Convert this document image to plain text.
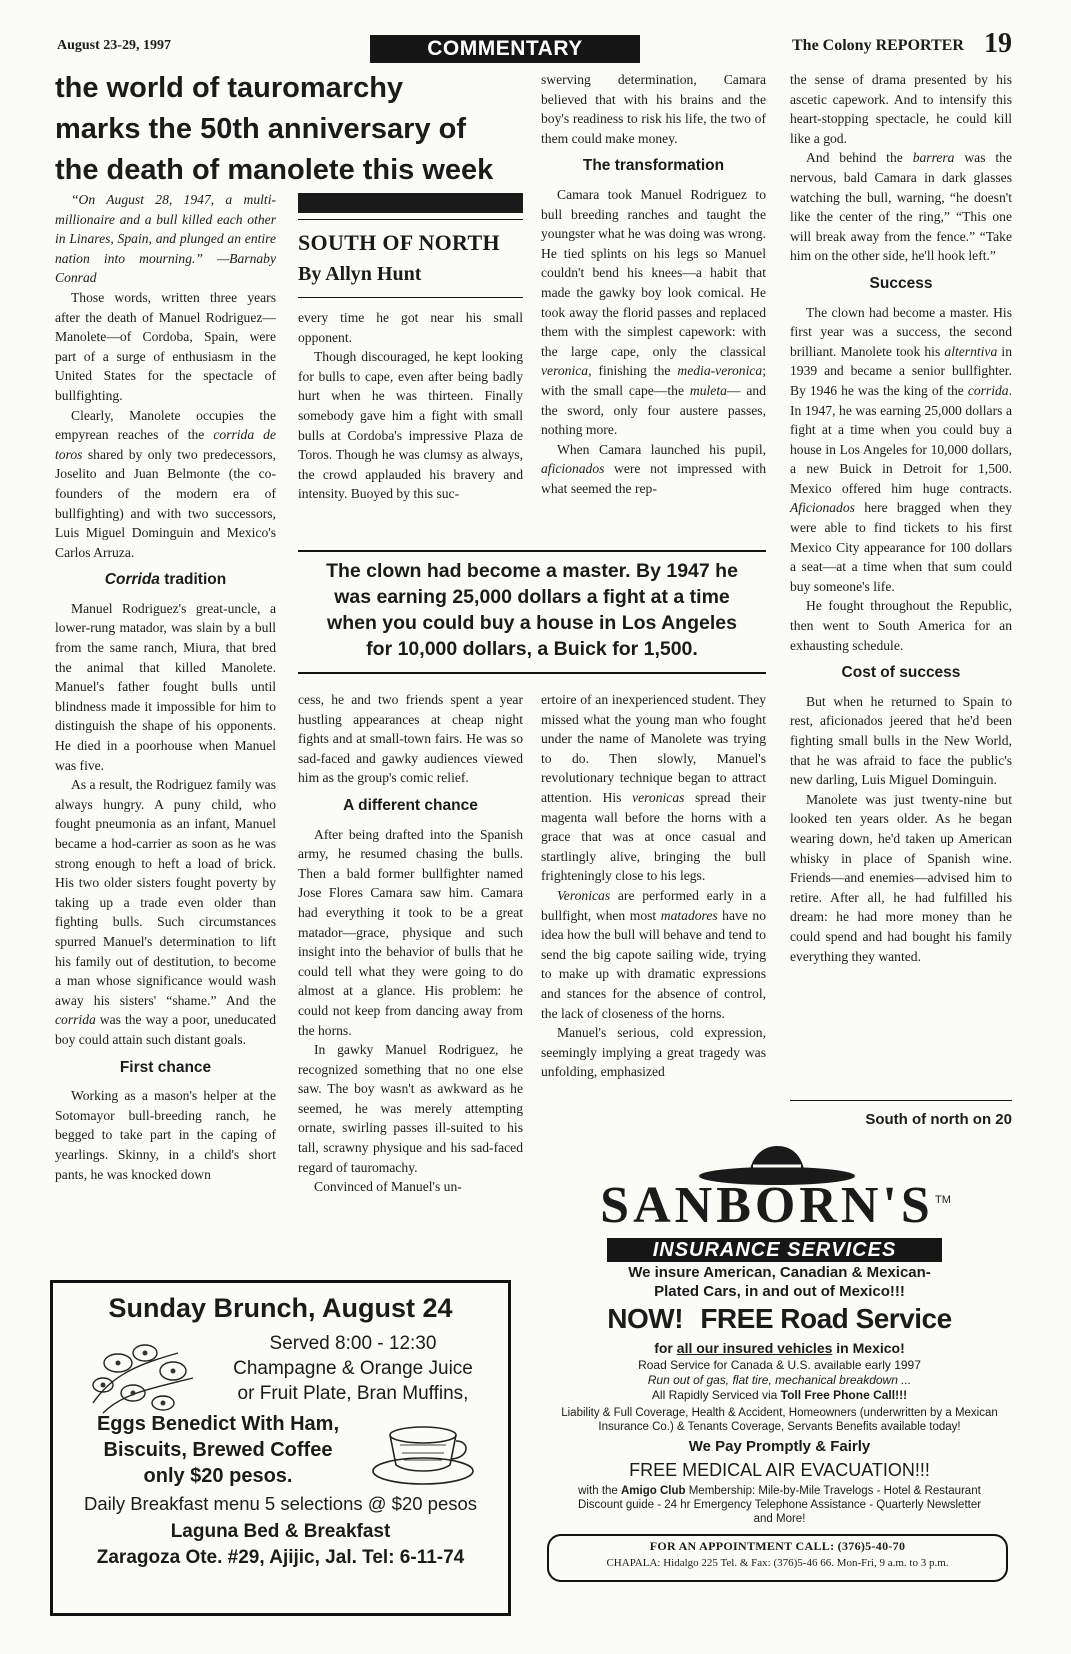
August 23-29, 1997	COMMENTARY	The Colony REPORTER 19
the world of tauromarchy
marks the 50th anniversary of
the death of manolete this week

“On August 28, 1947, a multi-millionaire and a bull killed each other in Linares, Spain, and plunged an entire nation into mourning.” —Barnaby Conrad

Those words, written three years after the death of Manuel Rodriguez—Manolete—of Cordoba, Spain, were part of a surge of enthusiasm in the United States for the spectacle of bullfighting.

Clearly, Manolete occupies the empyrean reaches of the corrida de toros shared by only two predecessors, Joselito and Juan Belmonte (the co-founders of the modern era of bullfighting) and with two successors, Luis Miguel Dominguin and Mexico's Carlos Arruza.

Corrida tradition

Manuel Rodriguez's great-uncle, a lower-rung matador, was slain by a bull from the same ranch, Miura, that bred the animal that killed Manolete. Manuel's father fought bulls until blindness made it impossible for him to distinguish the shape of his opponents. He died in a poorhouse when Manuel was five.

As a result, the Rodriguez family was always hungry. A puny child, who fought pneumonia as an infant, Manuel became a hod-carrier as soon as he was strong enough to heft a load of brick. His two older sisters fought poverty by taking up a trade even older than fighting bulls. Such circumstances spurred Manuel's determination to lift his family out of destitution, to become a man whose significance would wash away his sisters' “shame.” And the corrida was the way a poor, uneducated boy could attain such distant goals.

First chance

Working as a mason's helper at the Sotomayor bull-breeding ranch, he begged to take part in the caping of yearlings. Skinny, in a child's short pants, he was knocked down

SOUTH OF NORTH
By Allyn Hunt

every time he got near his small opponent.

Though discouraged, he kept looking for bulls to cape, even after being badly hurt when he was thirteen. Finally somebody gave him a fight with small bulls at Cordoba's impressive Plaza de Toros. Though he was clumsy as always, the crowd applauded his bravery and intensity. Buoyed by this suc-

swerving determination, Camara believed that with his brains and the boy's readiness to risk his life, the two of them could make money.

The transformation

Camara took Manuel Rodriguez to bull breeding ranches and taught the youngster what he was doing was wrong. He tied splints on his legs so Manuel couldn't bend his knees—a habit that made the gawky boy look comical. He took away the florid passes and replaced them with the simplest capework: with the large cape, only the classical veronica, finishing the media-veronica; with the small cape—the muleta— and the sword, only four austere passes, nothing more.

When Camara launched his pupil, aficionados were not impressed with what seemed the rep-

The clown had become a master. By 1947 he
was earning 25,000 dollars a fight at a time
when you could buy a house in Los Angeles
for 10,000 dollars, a Buick for 1,500.

cess, he and two friends spent a year hustling appearances at cheap night fights and at small-town fairs. He was so sad-faced and gawky audiences viewed him as the group's comic relief.

A different chance

After being drafted into the Spanish army, he resumed chasing the bulls. Then a bald former bullfighter named Jose Flores Camara saw him. Camara had everything it took to be a great matador—grace, physique and such insight into the behavior of bulls that he could tell what they were going to do almost at a glance. His problem: he could not keep from dancing away from the horns.

In gawky Manuel Rodriguez, he recognized something that no one else saw. The boy wasn't as awkward as he seemed, he was merely attempting ornate, swirling passes ill-suited to his tall, scrawny physique and his sad-faced regard of tauromachy.

Convinced of Manuel's un-

ertoire of an inexperienced student. They missed what the young man who fought under the name of Manolete was trying to do. Then slowly, Manuel's revolutionary technique began to attract attention. His veronicas spread their magenta wall before the horns with a grace that was at once casual and startlingly alive, bringing the bull frighteningly close to his legs.

Veronicas are performed early in a bullfight, when most matadores have no idea how the bull will behave and tend to send the big capote sailing wide, trying to make up with dramatic expressions and stances for the absence of control, the lack of closeness of the horns.

Manuel's serious, cold expression, seemingly implying a great tragedy was unfolding, emphasized

the sense of drama presented by his ascetic capework. And to intensify this heart-stopping spectacle, he could kill like a god.

And behind the barrera was the nervous, bald Camara in dark glasses watching the bull, warning, “he doesn't like the center of the ring,” “This one will break away from the fence.” “Take him on the other side, he'll hook left.”

Success

The clown had become a master. His first year was a success, the second brilliant. Manolete took his alterntiva in 1939 and became a senior bullfighter. By 1946 he was the king of the corrida. In 1947, he was earning 25,000 dollars a fight at a time when you could buy a house in Los Angeles for 10,000 dollars, a new Buick in Detroit for 1,500. Mexico offered him huge contracts. Aficionados here bragged when they were able to find tickets to his first Mexico City appearance for 100 dollars a seat—at a time when that sum could buy someone's life.

He fought throughout the Republic, then went to South America for an exhausting schedule.

Cost of success

But when he returned to Spain to rest, aficionados jeered that he'd been fighting small bulls in the New World, that he was afraid to face the public's new darling, Luis Miguel Dominguin.

Manolete was just twenty-nine but looked ten years older. As he began wearing down, he'd taken up American whisky in place of Spanish wine. Friends—and enemies—advised him to retire. After all, he had fulfilled his dream: he had more money than he could spend and had bought his family everything they wanted.

South of north on 20
Sunday Brunch, August 24
Served 8:00 - 12:30
Champagne & Orange Juice
or Fruit Plate, Bran Muffins,
Eggs Benedict With Ham,
Biscuits, Brewed Coffee
only $20 pesos.
Daily Breakfast menu 5 selections @ $20 pesos
Laguna Bed & Breakfast
Zaragoza Ote. #29, Ajijic, Jal. Tel: 6-11-74
SANBORN'S TM
INSURANCE SERVICES
We insure American, Canadian & Mexican-
Plated Cars, in and out of Mexico!!!
NOW! FREE Road Service
for all our insured vehicles in Mexico!
Road Service for Canada & U.S. available early 1997
Run out of gas, flat tire, mechanical breakdown ...
All Rapidly Serviced via Toll Free Phone Call!!!
Liability & Full Coverage, Health & Accident, Homeowners (underwritten by a Mexican Insurance Co.) & Tenants Coverage, Servants Benefits available today!
We Pay Promptly & Fairly
FREE MEDICAL AIR EVACUATION!!!
with the Amigo Club Membership: Mile-by-Mile Travelogs - Hotel & Restaurant Discount guide - 24 hr Emergency Telephone Assistance - Quarterly Newsletter and More!
FOR AN APPOINTMENT CALL: (376)5-40-70
CHAPALA: Hidalgo 225 Tel. & Fax: (376)5-46 66. Mon-Fri, 9 a.m. to 3 p.m.
